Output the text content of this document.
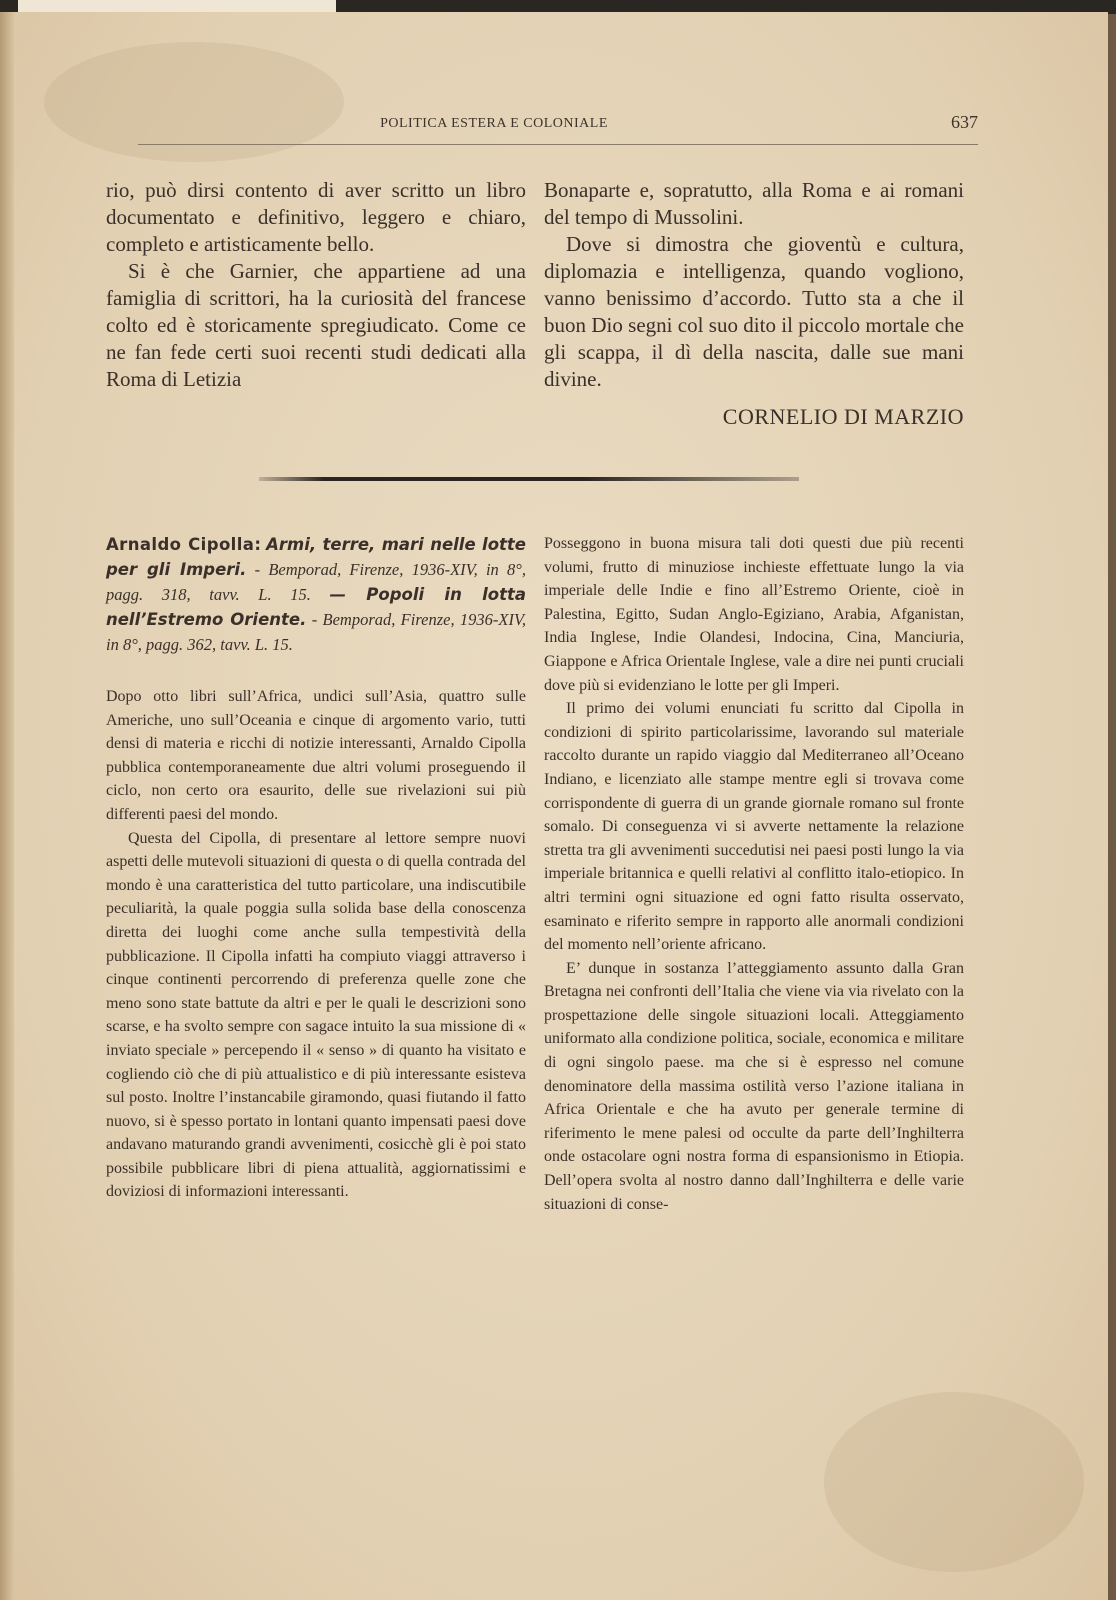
POLITICA ESTERA E COLONIALE	637

rio, può dirsi contento di aver scritto un libro documentato e definitivo, leggero e chiaro, completo e artisticamente bello.

Si è che Garnier, che appartiene ad una famiglia di scrittori, ha la curiosità del francese colto ed è storicamente spregiudicato. Come ce ne fan fede certi suoi recenti studi dedicati alla Roma di Letizia

Bonaparte e, sopratutto, alla Roma e ai romani del tempo di Mussolini.

Dove si dimostra che gioventù e cultura, diplomazia e intelligenza, quando vogliono, vanno benissimo d’accordo. Tutto sta a che il buon Dio segni col suo dito il piccolo mortale che gli scappa, il dì della nascita, dalle sue mani divine.

CORNELIO DI MARZIO
Arnaldo Cipolla: Armi, terre, mari nelle lotte per gli Imperi. - Bemporad, Firenze, 1936-XIV, in 8°, pagg. 318, tavv. L. 15. — Popoli in lotta nell’Estremo Oriente. - Bemporad, Firenze, 1936-XIV, in 8°, pagg. 362, tavv. L. 15.

Dopo otto libri sull’Africa, undici sull’Asia, quattro sulle Americhe, uno sull’Oceania e cinque di argomento vario, tutti densi di materia e ricchi di notizie interessanti, Arnaldo Cipolla pubblica contemporaneamente due altri volumi proseguendo il ciclo, non certo ora esaurito, delle sue rivelazioni sui più differenti paesi del mondo.

Questa del Cipolla, di presentare al lettore sempre nuovi aspetti delle mutevoli situazioni di questa o di quella contrada del mondo è una caratteristica del tutto particolare, una indiscutibile peculiarità, la quale poggia sulla solida base della conoscenza diretta dei luoghi come anche sulla tempestività della pubblicazione. Il Cipolla infatti ha compiuto viaggi attraverso i cinque continenti percorrendo di preferenza quelle zone che meno sono state battute da altri e per le quali le descrizioni sono scarse, e ha svolto sempre con sagace intuito la sua missione di « inviato speciale » percependo il « senso » di quanto ha visitato e cogliendo ciò che di più attualistico e di più interessante esisteva sul posto. Inoltre l’instancabile giramondo, quasi fiutando il fatto nuovo, si è spesso portato in lontani quanto impensati paesi dove andavano maturando grandi avvenimenti, cosicchè gli è poi stato possibile pubblicare libri di piena attualità, aggiornatissimi e doviziosi di informazioni interessanti.

Posseggono in buona misura tali doti questi due più recenti volumi, frutto di minuziose inchieste effettuate lungo la via imperiale delle Indie e fino all’Estremo Oriente, cioè in Palestina, Egitto, Sudan Anglo-Egiziano, Arabia, Afganistan, India Inglese, Indie Olandesi, Indocina, Cina, Manciuria, Giappone e Africa Orientale Inglese, vale a dire nei punti cruciali dove più si evidenziano le lotte per gli Imperi.

Il primo dei volumi enunciati fu scritto dal Cipolla in condizioni di spirito particolarissime, lavorando sul materiale raccolto durante un rapido viaggio dal Mediterraneo all’Oceano Indiano, e licenziato alle stampe mentre egli si trovava come corrispondente di guerra di un grande giornale romano sul fronte somalo. Di conseguenza vi si avverte nettamente la relazione stretta tra gli avvenimenti succedutisi nei paesi posti lungo la via imperiale britannica e quelli relativi al conflitto italo-etiopico. In altri termini ogni situazione ed ogni fatto risulta osservato, esaminato e riferito sempre in rapporto alle anormali condizioni del momento nell’oriente africano.

E’ dunque in sostanza l’atteggiamento assunto dalla Gran Bretagna nei confronti dell’Italia che viene via via rivelato con la prospettazione delle singole situazioni locali. Atteggiamento uniformato alla condizione politica, sociale, economica e militare di ogni singolo paese. ma che si è espresso nel comune denominatore della massima ostilità verso l’azione italiana in Africa Orientale e che ha avuto per generale termine di riferimento le mene palesi od occulte da parte dell’Inghilterra onde ostacolare ogni nostra forma di espansionismo in Etiopia. Dell’opera svolta al nostro danno dall’Inghilterra e delle varie situazioni di conse-
